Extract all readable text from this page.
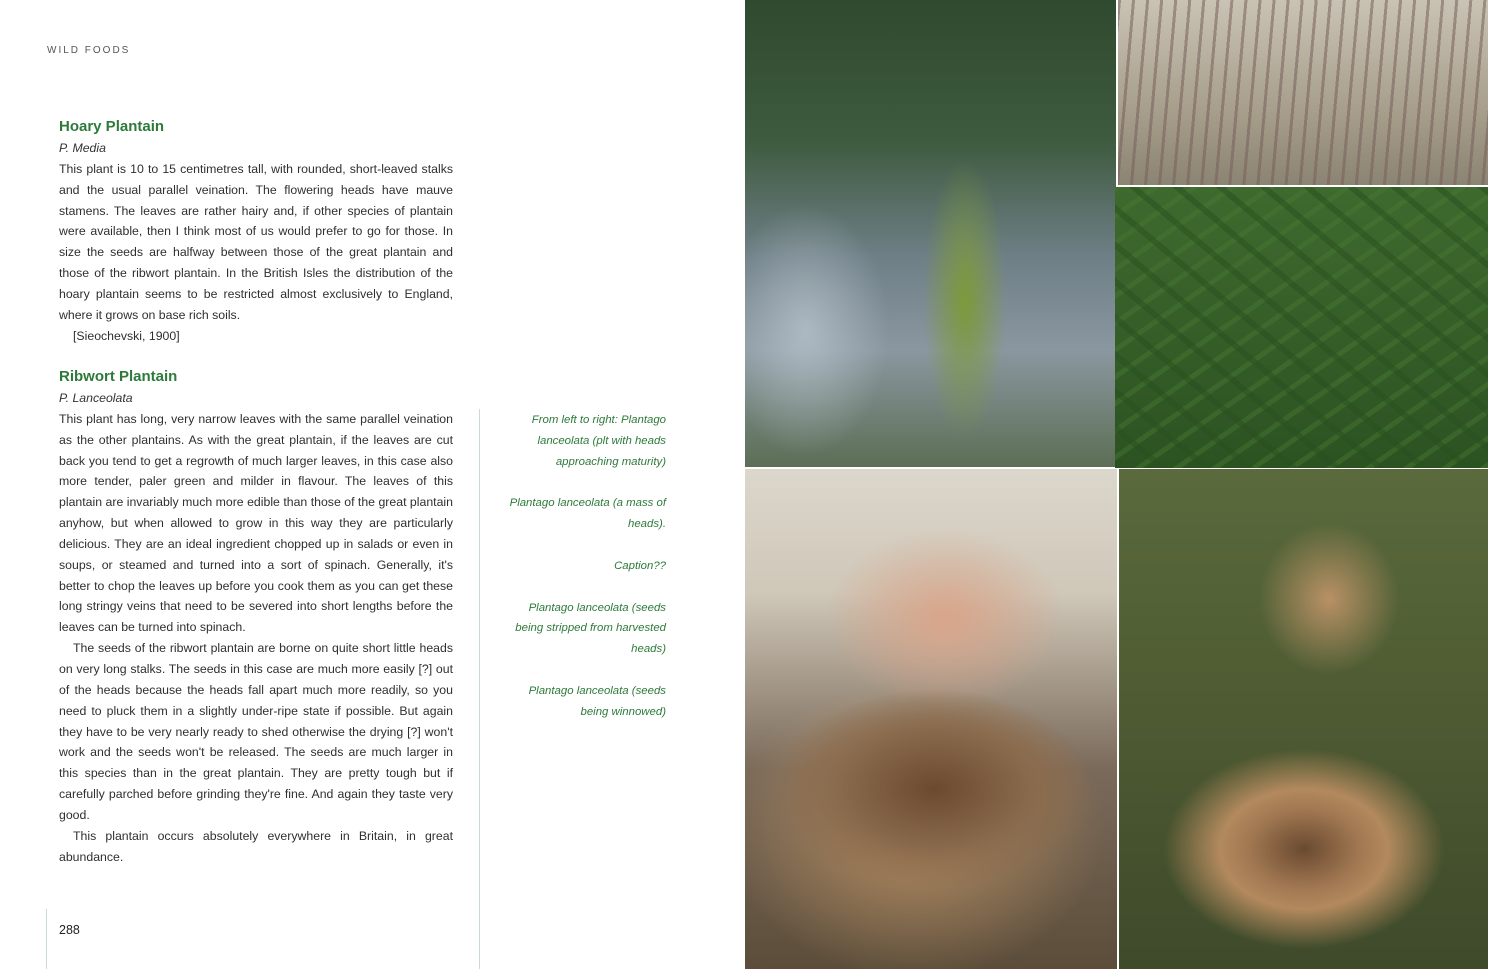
WILD FOODS
Hoary Plantain
P. Media

This plant is 10 to 15 centimetres tall, with rounded, short-leaved stalks and the usual parallel veination. The flowering heads have mauve stamens. The leaves are rather hairy and, if other species of plantain were available, then I think most of us would prefer to go for those. In size the seeds are halfway between those of the great plantain and those of the ribwort plantain. In the British Isles the distribution of the hoary plantain seems to be restricted almost exclusively to England, where it grows on base rich soils.

[Sieochevski, 1900]

Ribwort Plantain
P. Lanceolata

This plant has long, very narrow leaves with the same parallel veination as the other plantains. As with the great plantain, if the leaves are cut back you tend to get a regrowth of much larger leaves, in this case also more tender, paler green and milder in flavour. The leaves of this plantain are invariably much more edible than those of the great plantain anyhow, but when allowed to grow in this way they are particularly delicious. They are an ideal ingredient chopped up in salads or even in soups, or steamed and turned into a sort of spinach. Generally, it's better to chop the leaves up before you cook them as you can get these long stringy veins that need to be severed into short lengths before the leaves can be turned into spinach.

The seeds of the ribwort plantain are borne on quite short little heads on very long stalks. The seeds in this case are much more easily [?] out of the heads because the heads fall apart much more readily, so you need to pluck them in a slightly under-ripe state if possible. But again they have to be very nearly ready to shed otherwise the drying [?] won't work and the seeds won't be released. The seeds are much larger in this species than in the great plantain. They are pretty tough but if carefully parched before grinding they're fine. And again they taste very good.

This plantain occurs absolutely everywhere in Britain, in great abundance.

From left to right: Plantago lanceolata (plt with heads approaching maturity)
Plantago lanceolata (a mass of heads).
Caption??
Plantago lanceolata (seeds being stripped from harvested heads)
Plantago lanceolata (seeds being winnowed)
288
